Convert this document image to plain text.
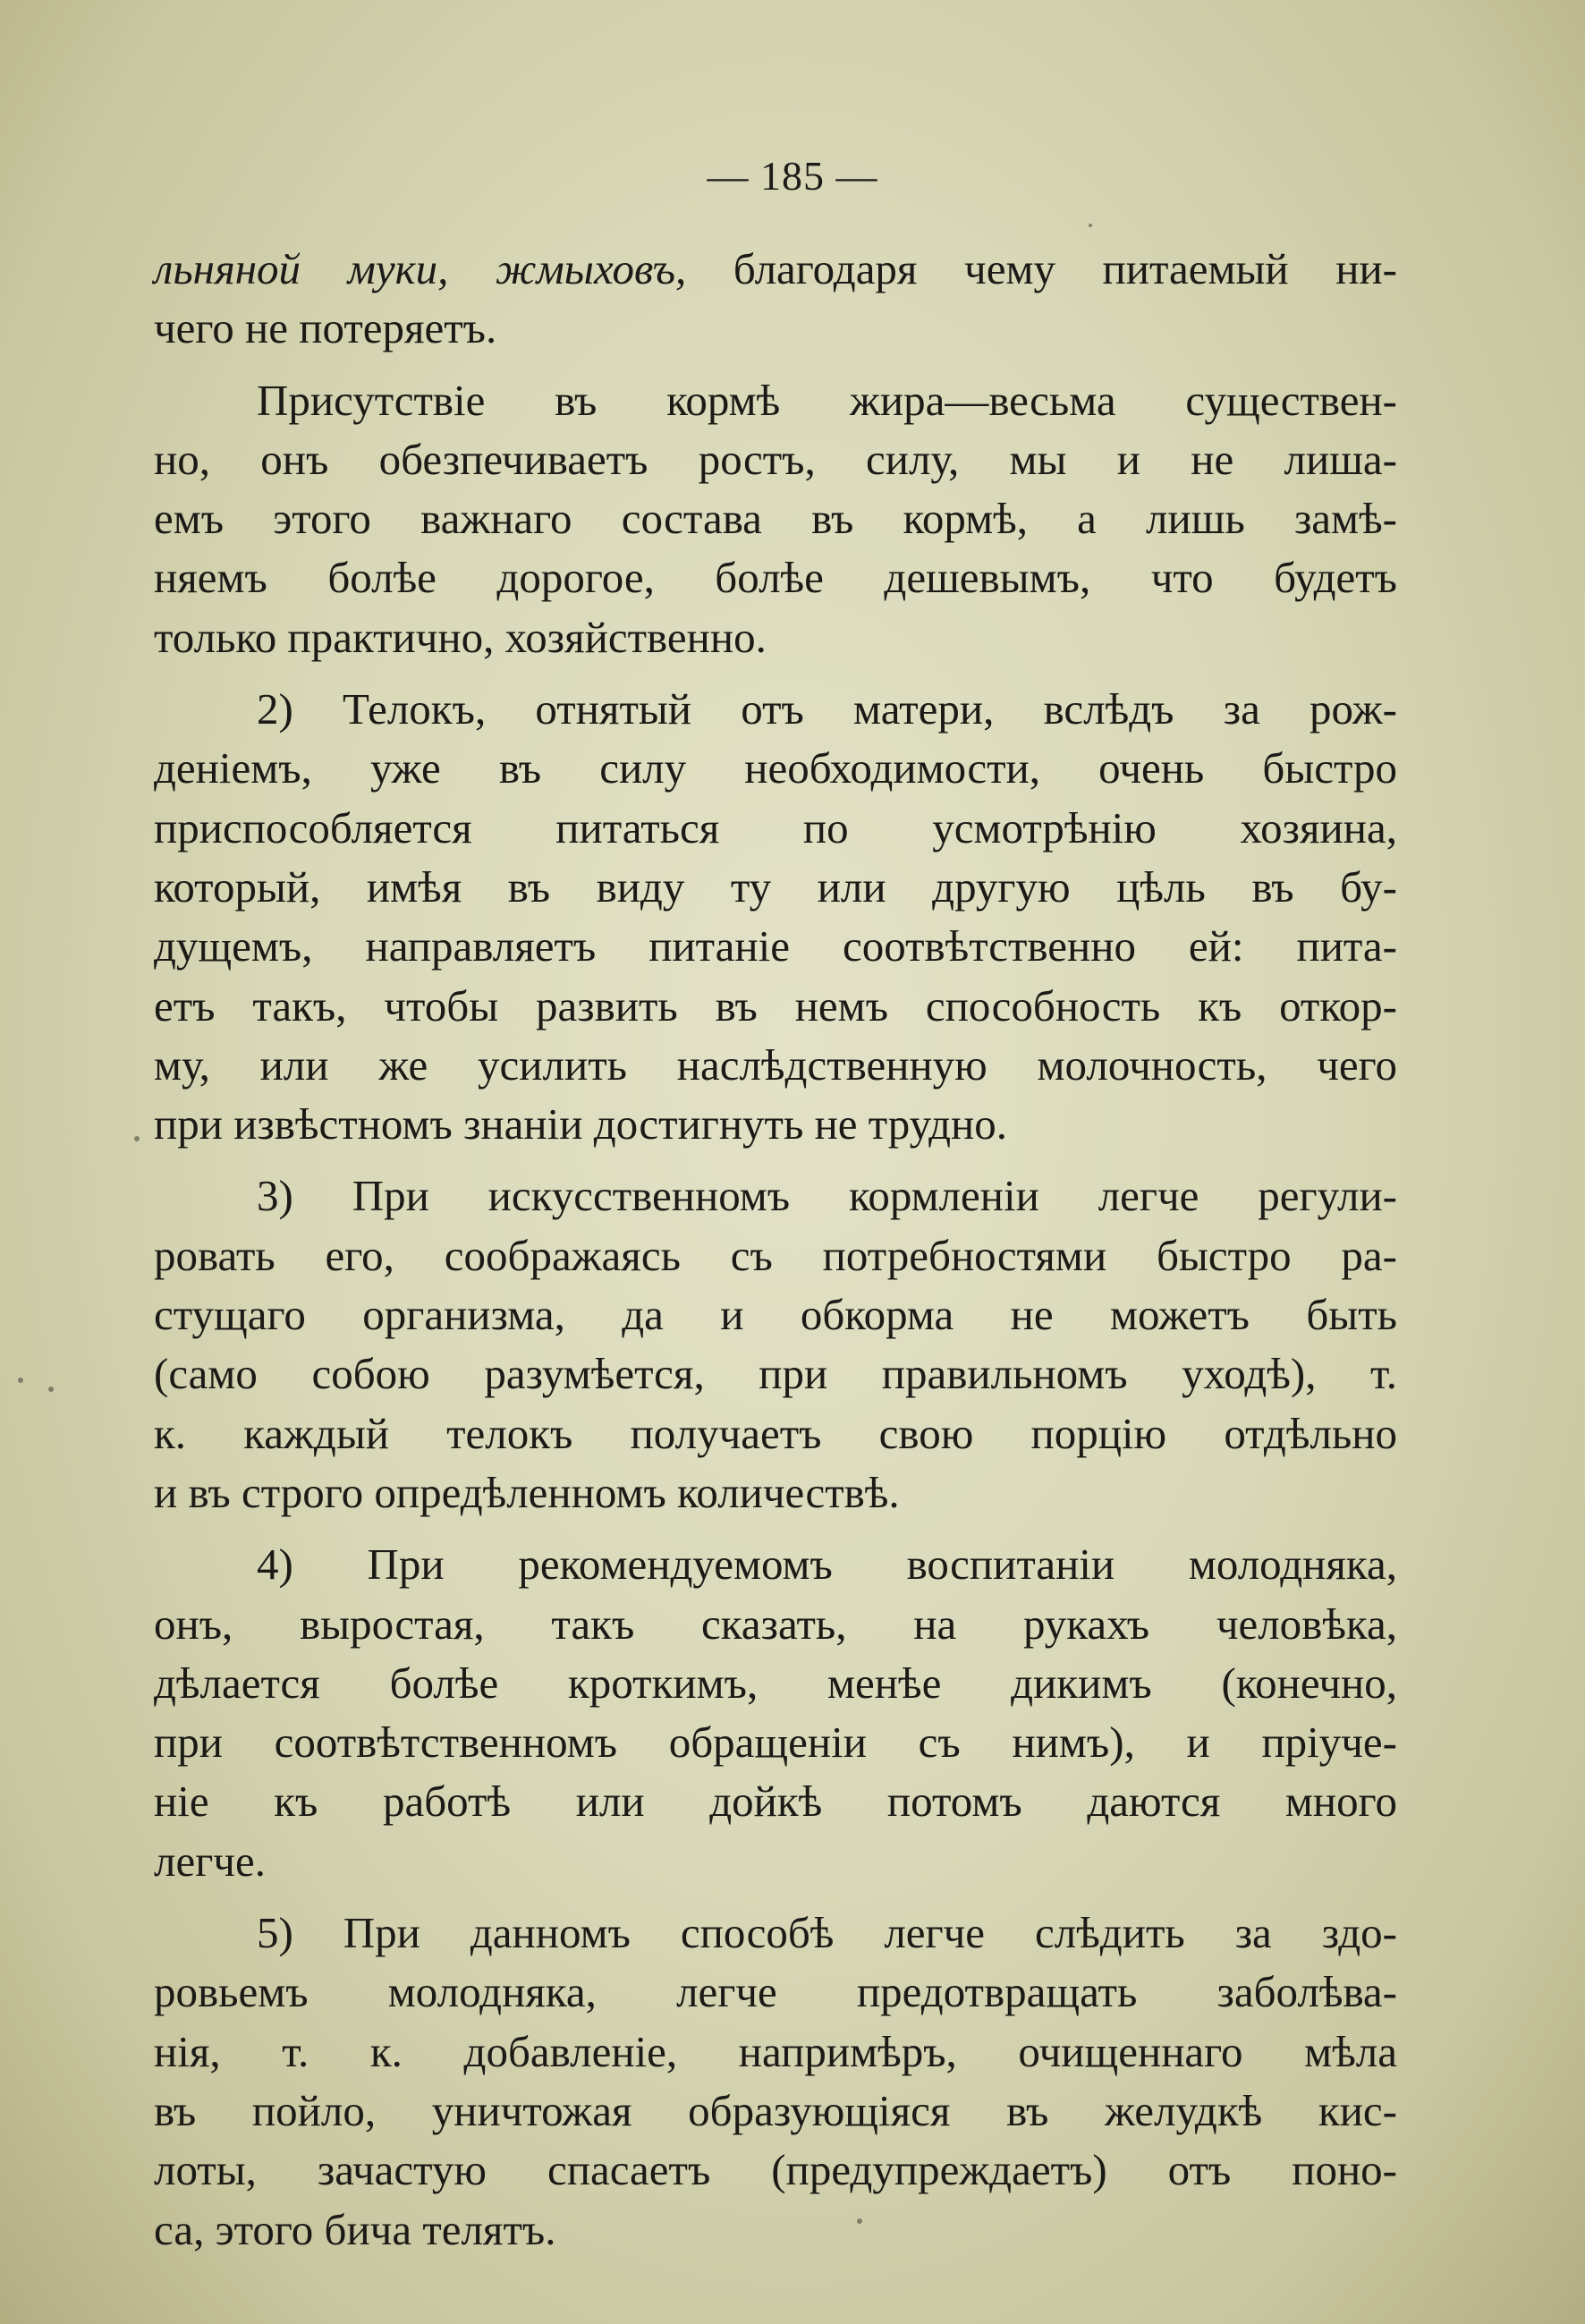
— 185 —
льняной муки, жмыховъ, благодаря чему питаемый ни-
чего не потеряетъ.
Присутствіе въ кормѣ жира—весьма существен-
но, онъ обезпечиваетъ ростъ, силу, мы и не лиша-
емъ этого важнаго состава въ кормѣ, а лишь замѣ-
няемъ болѣе дорогое, болѣе дешевымъ, что будетъ
только практично, хозяйственно.
2) Телокъ, отнятый отъ матери, вслѣдъ за рож-
деніемъ, уже въ силу необходимости, очень быстро
приспособляется питаться по усмотрѣнію хозяина,
который, имѣя въ виду ту или другую цѣль въ бу-
дущемъ, направляетъ питаніе соотвѣтственно ей: пита-
етъ такъ, чтобы развить въ немъ способность къ откор-
му, или же усилить наслѣдственную молочность, чего
при извѣстномъ знаніи достигнуть не трудно.
3) При искусственномъ кормленіи легче регули-
ровать его, соображаясь съ потребностями быстро ра-
стущаго организма, да и обкорма не можетъ быть
(само собою разумѣется, при правильномъ уходѣ), т.
к. каждый телокъ получаетъ свою порцію отдѣльно
и въ строго опредѣленномъ количествѣ.
4) При рекомендуемомъ воспитаніи молодняка,
онъ, выростая, такъ сказать, на рукахъ человѣка,
дѣлается болѣе кроткимъ, менѣе дикимъ (конечно,
при соотвѣтственномъ обращеніи съ нимъ), и пріуче-
ніе къ работѣ или дойкѣ потомъ даются много
легче.
5) При данномъ способѣ легче слѣдить за здо-
ровьемъ молодняка, легче предотвращать заболѣва-
нія, т. к. добавленіе, напримѣръ, очищеннаго мѣла
въ пойло, уничтожая образующіяся въ желудкѣ кис-
лоты, зачастую спасаетъ (предупреждаетъ) отъ поно-
са, этого бича телятъ.
